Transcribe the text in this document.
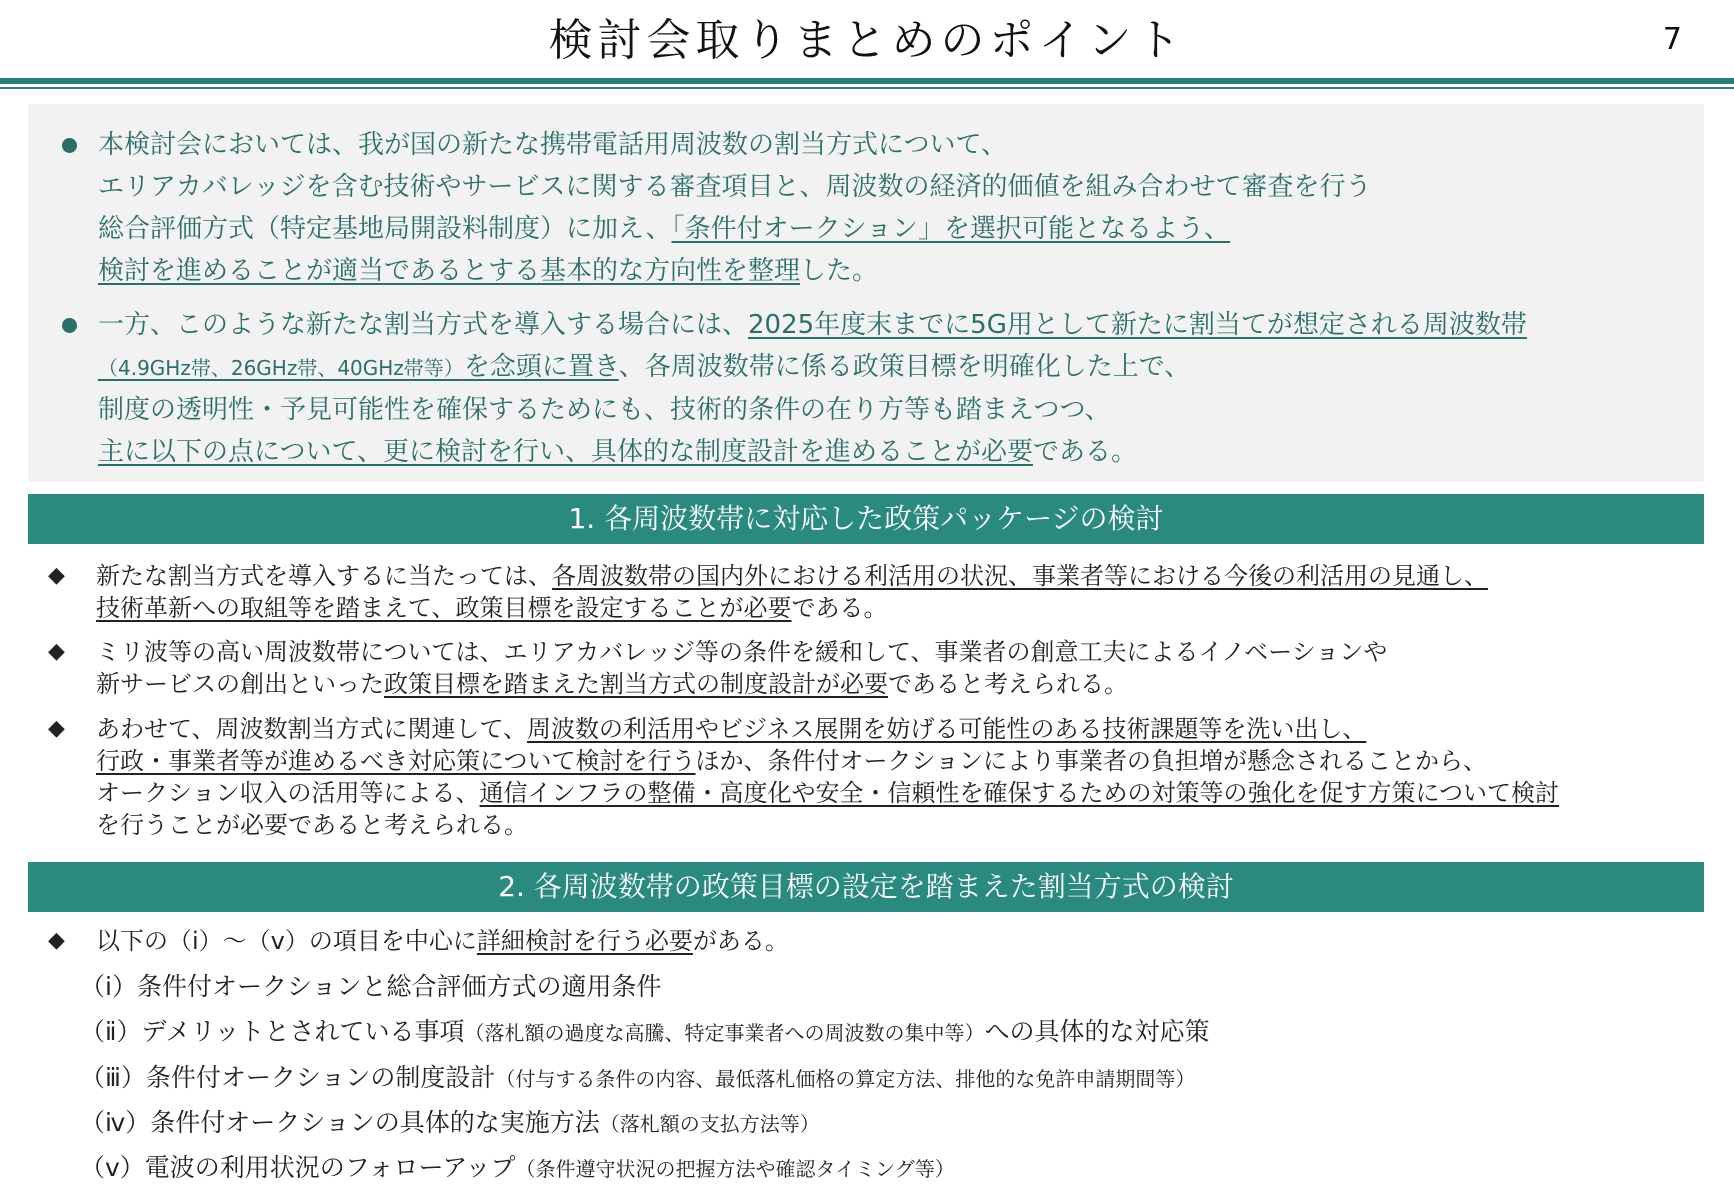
検討会取りまとめのポイント	7
本検討会においては、我が国の新たな携帯電話用周波数の割当方式について、
エリアカバレッジを含む技術やサービスに関する審査項目と、周波数の経済的価値を組み合わせて審査を行う
総合評価方式（特定基地局開設料制度）に加え、「条件付オークション」を選択可能となるよう、
検討を進めることが適当であるとする基本的な方向性を整理した。
一方、このような新たな割当方式を導入する場合には、2025年度末までに5G用として新たに割当てが想定される周波数帯
（4.9GHz帯、26GHz帯、40GHz帯等）を念頭に置き、各周波数帯に係る政策目標を明確化した上で、
制度の透明性・予見可能性を確保するためにも、技術的条件の在り方等も踏まえつつ、
主に以下の点について、更に検討を行い、具体的な制度設計を進めることが必要である。
1. 各周波数帯に対応した政策パッケージの検討
◆	新たな割当方式を導入するに当たっては、各周波数帯の国内外における利活用の状況、事業者等における今後の利活用の見通し、
技術革新への取組等を踏まえて、政策目標を設定することが必要である。
◆	ミリ波等の高い周波数帯については、エリアカバレッジ等の条件を緩和して、事業者の創意工夫によるイノベーションや
新サービスの創出といった政策目標を踏まえた割当方式の制度設計が必要であると考えられる。
◆	あわせて、周波数割当方式に関連して、周波数の利活用やビジネス展開を妨げる可能性のある技術課題等を洗い出し、
行政・事業者等が進めるべき対応策について検討を行うほか、条件付オークションにより事業者の負担増が懸念されることから、
オークション収入の活用等による、通信インフラの整備・高度化や安全・信頼性を確保するための対策等の強化を促す方策について検討
を行うことが必要であると考えられる。
2. 各周波数帯の政策目標の設定を踏まえた割当方式の検討
◆	以下の（ⅰ）～（ⅴ）の項目を中心に詳細検討を行う必要がある。
（ⅰ）条件付オークションと総合評価方式の適用条件
（ⅱ）デメリットとされている事項（落札額の過度な高騰、特定事業者への周波数の集中等）への具体的な対応策
（ⅲ）条件付オークションの制度設計（付与する条件の内容、最低落札価格の算定方法、排他的な免許申請期間等）
（ⅳ）条件付オークションの具体的な実施方法（落札額の支払方法等）
（ⅴ）電波の利用状況のフォローアップ（条件遵守状況の把握方法や確認タイミング等）
